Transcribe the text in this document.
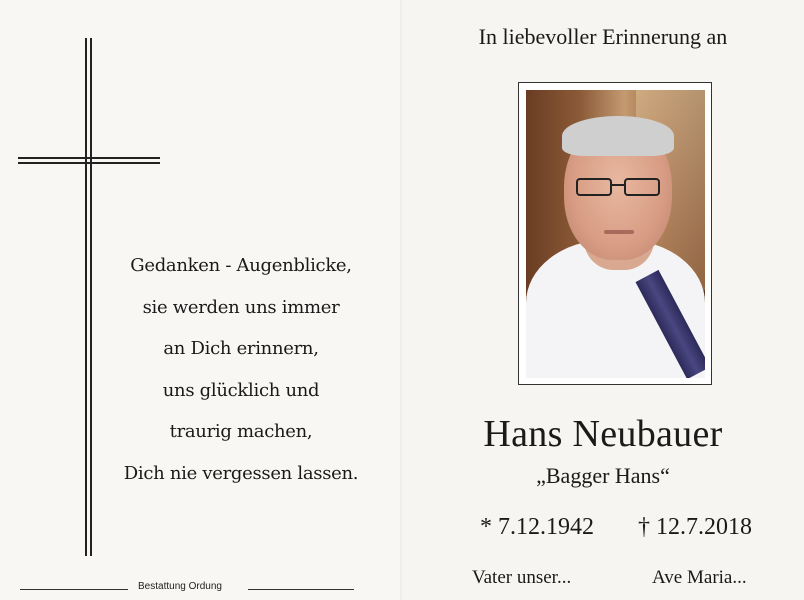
Gedanken - Augenblicke,
sie werden uns immer
an Dich erinnern,
uns glücklich und
traurig machen,
Dich nie vergessen lassen.
Bestattung Ordung
In liebevoller Erinnerung an
Hans Neubauer
„Bagger Hans“
* 7.12.1942 † 12.7.2018
Vater unser...	Ave Maria...
